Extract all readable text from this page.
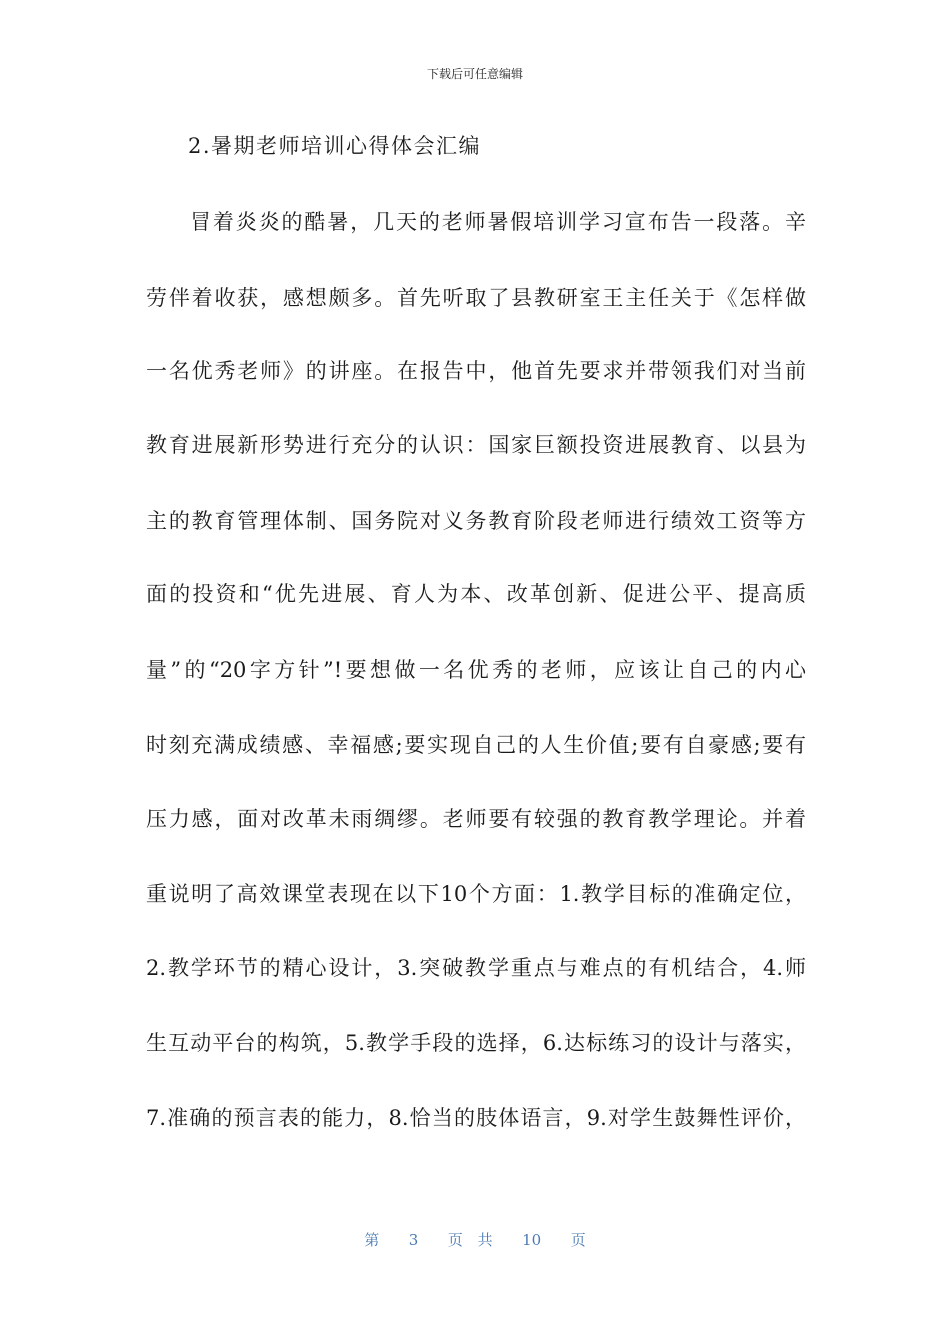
下载后可任意编辑
2.暑期老师培训心得体会汇编
冒着炎炎的酷暑，几天的老师暑假培训学习宣布告一段落。辛
劳伴着收获，感想颇多。首先听取了县教研室王主任关于《怎样做
一名优秀老师》的讲座。在报告中，他首先要求并带领我们对当前
教育进展新形势进行充分的认识：国家巨额投资进展教育、以县为
主的教育管理体制、国务院对义务教育阶段老师进行绩效工资等方
面的投资和“优先进展、育人为本、改革创新、促进公平、提高质
量”的“20字方针”!要想做一名优秀的老师，应该让自己的内心
时刻充满成绩感、幸福感;要实现自己的人生价值;要有自豪感;要有
压力感，面对改革未雨绸缪。老师要有较强的教育教学理论。并着
重说明了高效课堂表现在以下10个方面：1.教学目标的准确定位，
2.教学环节的精心设计，3.突破教学重点与难点的有机结合，4.师
生互动平台的构筑，5.教学手段的选择，6.达标练习的设计与落实，
7.准确的预言表的能力，8.恰当的肢体语言，9.对学生鼓舞性评价，
第  3  页 共  10  页
